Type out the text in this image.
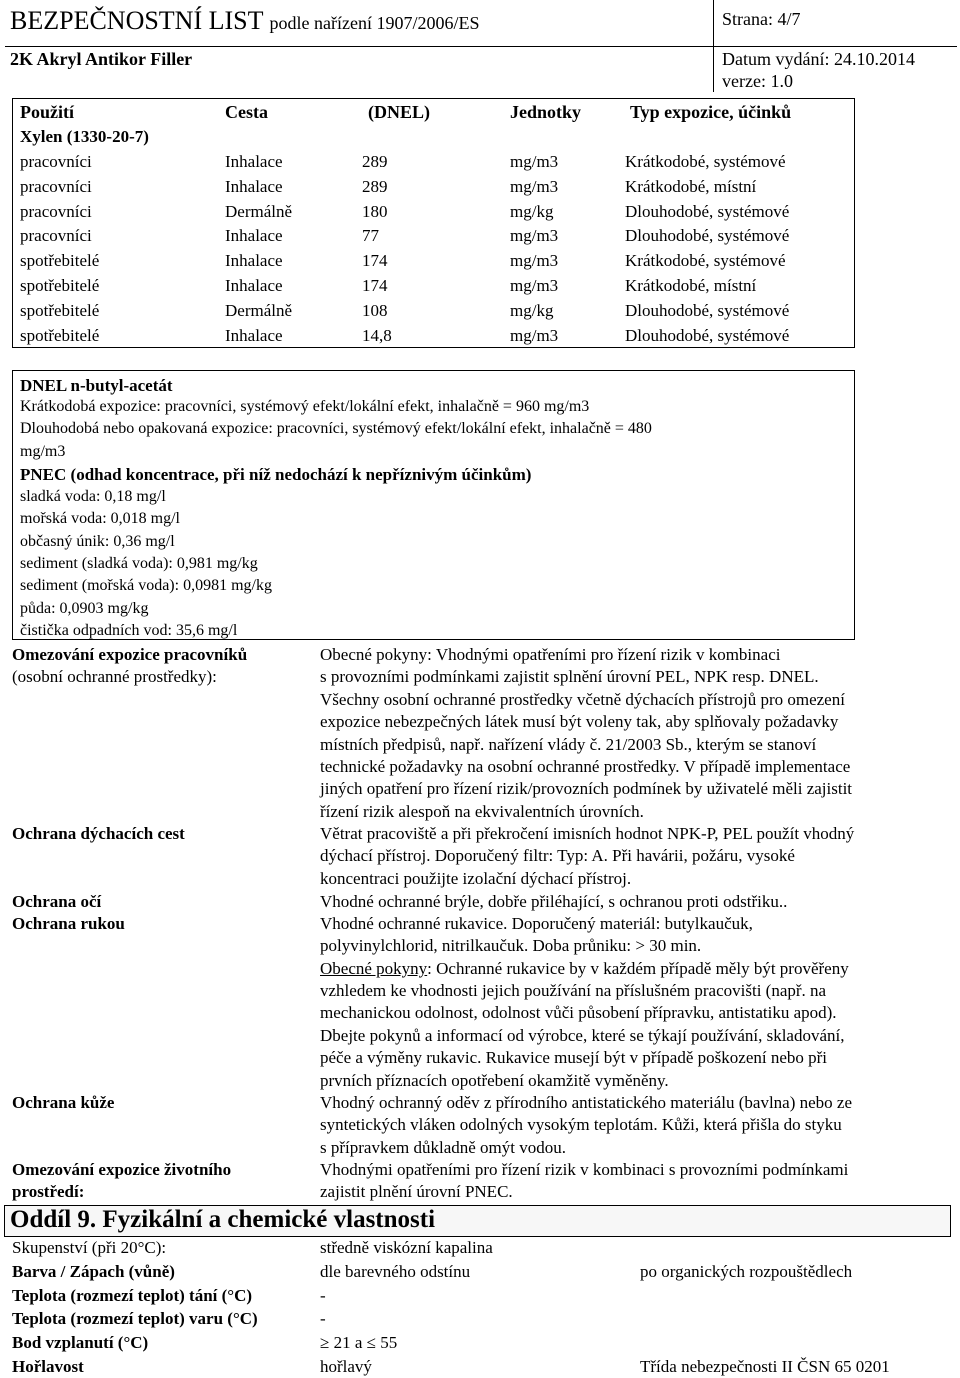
BEZPEČNOSTNÍ LIST podle nařízení 1907/2006/ES	Strana: 4/7
2K Akryl Antikor Filler	Datum vydání: 24.10.2014
verze: 1.0
Použití	Cesta	(DNEL)	Jednotky	Typ expozice, účinků
Xylen (1330-20-7)
pracovníci	Inhalace	289	mg/m3	Krátkodobé, systémové
pracovníci	Inhalace	289	mg/m3	Krátkodobé, místní
pracovníci	Dermálně	180	mg/kg	Dlouhodobé, systémové
pracovníci	Inhalace	77	mg/m3	Dlouhodobé, systémové
spotřebitelé	Inhalace	174	mg/m3	Krátkodobé, systémové
spotřebitelé	Inhalace	174	mg/m3	Krátkodobé, místní
spotřebitelé	Dermálně	108	mg/kg	Dlouhodobé, systémové
spotřebitelé	Inhalace	14,8	mg/m3	Dlouhodobé, systémové
DNEL n-butyl-acetát
Krátkodobá expozice: pracovníci, systémový efekt/lokální efekt, inhalačně = 960 mg/m3
Dlouhodobá nebo opakovaná expozice: pracovníci, systémový efekt/lokální efekt, inhalačně = 480
mg/m3
PNEC (odhad koncentrace, při níž nedochází k nepříznivým účinkům)
sladká voda: 0,18 mg/l
mořská voda: 0,018 mg/l
občasný únik: 0,36 mg/l
sediment (sladká voda): 0,981 mg/kg
sediment (mořská voda): 0,0981 mg/kg
půda: 0,0903 mg/kg
čistička odpadních vod: 35,6 mg/l
Omezování expozice pracovníků
(osobní ochranné prostředky):
Obecné pokyny: Vhodnými opatřeními pro řízení rizik v kombinaci
s provozními podmínkami zajistit splnění úrovní PEL, NPK resp. DNEL.
Všechny osobní ochranné prostředky včetně dýchacích přístrojů pro omezení
expozice nebezpečných látek musí být voleny tak, aby splňovaly požadavky
místních předpisů, např. nařízení vlády č. 21/2003 Sb., kterým se stanoví
technické požadavky na osobní ochranné prostředky. V případě implementace
jiných opatření pro řízení rizik/provozních podmínek by uživatelé měli zajistit
řízení rizik alespoň na ekvivalentních úrovních.
Ochrana dýchacích cest	Větrat pracoviště a při překročení imisních hodnot NPK-P, PEL použít vhodný
dýchací přístroj. Doporučený filtr: Typ: A. Při havárii, požáru, vysoké
koncentraci použijte izolační dýchací přístroj.
Ochrana očí	Vhodné ochranné brýle, dobře přiléhající, s ochranou proti odstřiku..
Ochrana rukou	Vhodné ochranné rukavice. Doporučený materiál: butylkaučuk,
polyvinylchlorid, nitrilkaučuk. Doba průniku: > 30 min.
Obecné pokyny: Ochranné rukavice by v každém případě měly být prověřeny
vzhledem ke vhodnosti jejich používání na příslušném pracovišti (např. na
mechanickou odolnost, odolnost vůči působení přípravku, antistatiku apod).
Dbejte pokynů a informací od výrobce, které se týkají používání, skladování,
péče a výměny rukavic. Rukavice musejí být v případě poškození nebo při
prvních příznacích opotřebení okamžitě vyměněny.
Ochrana kůže	Vhodný ochranný oděv z přírodního antistatického materiálu (bavlna) nebo ze
syntetických vláken odolných vysokým teplotám. Kůži, která přišla do styku
s přípravkem důkladně omýt vodou.
Omezování expozice životního
prostředí:
Vhodnými opatřeními pro řízení rizik v kombinaci s provozními podmínkami
zajistit plnění úrovní PNEC.
Oddíl 9. Fyzikální a chemické vlastnosti
Skupenství (při 20°C):	středně viskózní kapalina
Barva / Zápach (vůně)	dle barevného odstínu	po organických rozpouštědlech
Teplota (rozmezí teplot) tání (°C)	-
Teplota (rozmezí teplot) varu (°C)	-
Bod vzplanutí (°C)	≥ 21 a ≤ 55
Hořlavost	hořlavý	Třída nebezpečnosti II ČSN 65 0201
